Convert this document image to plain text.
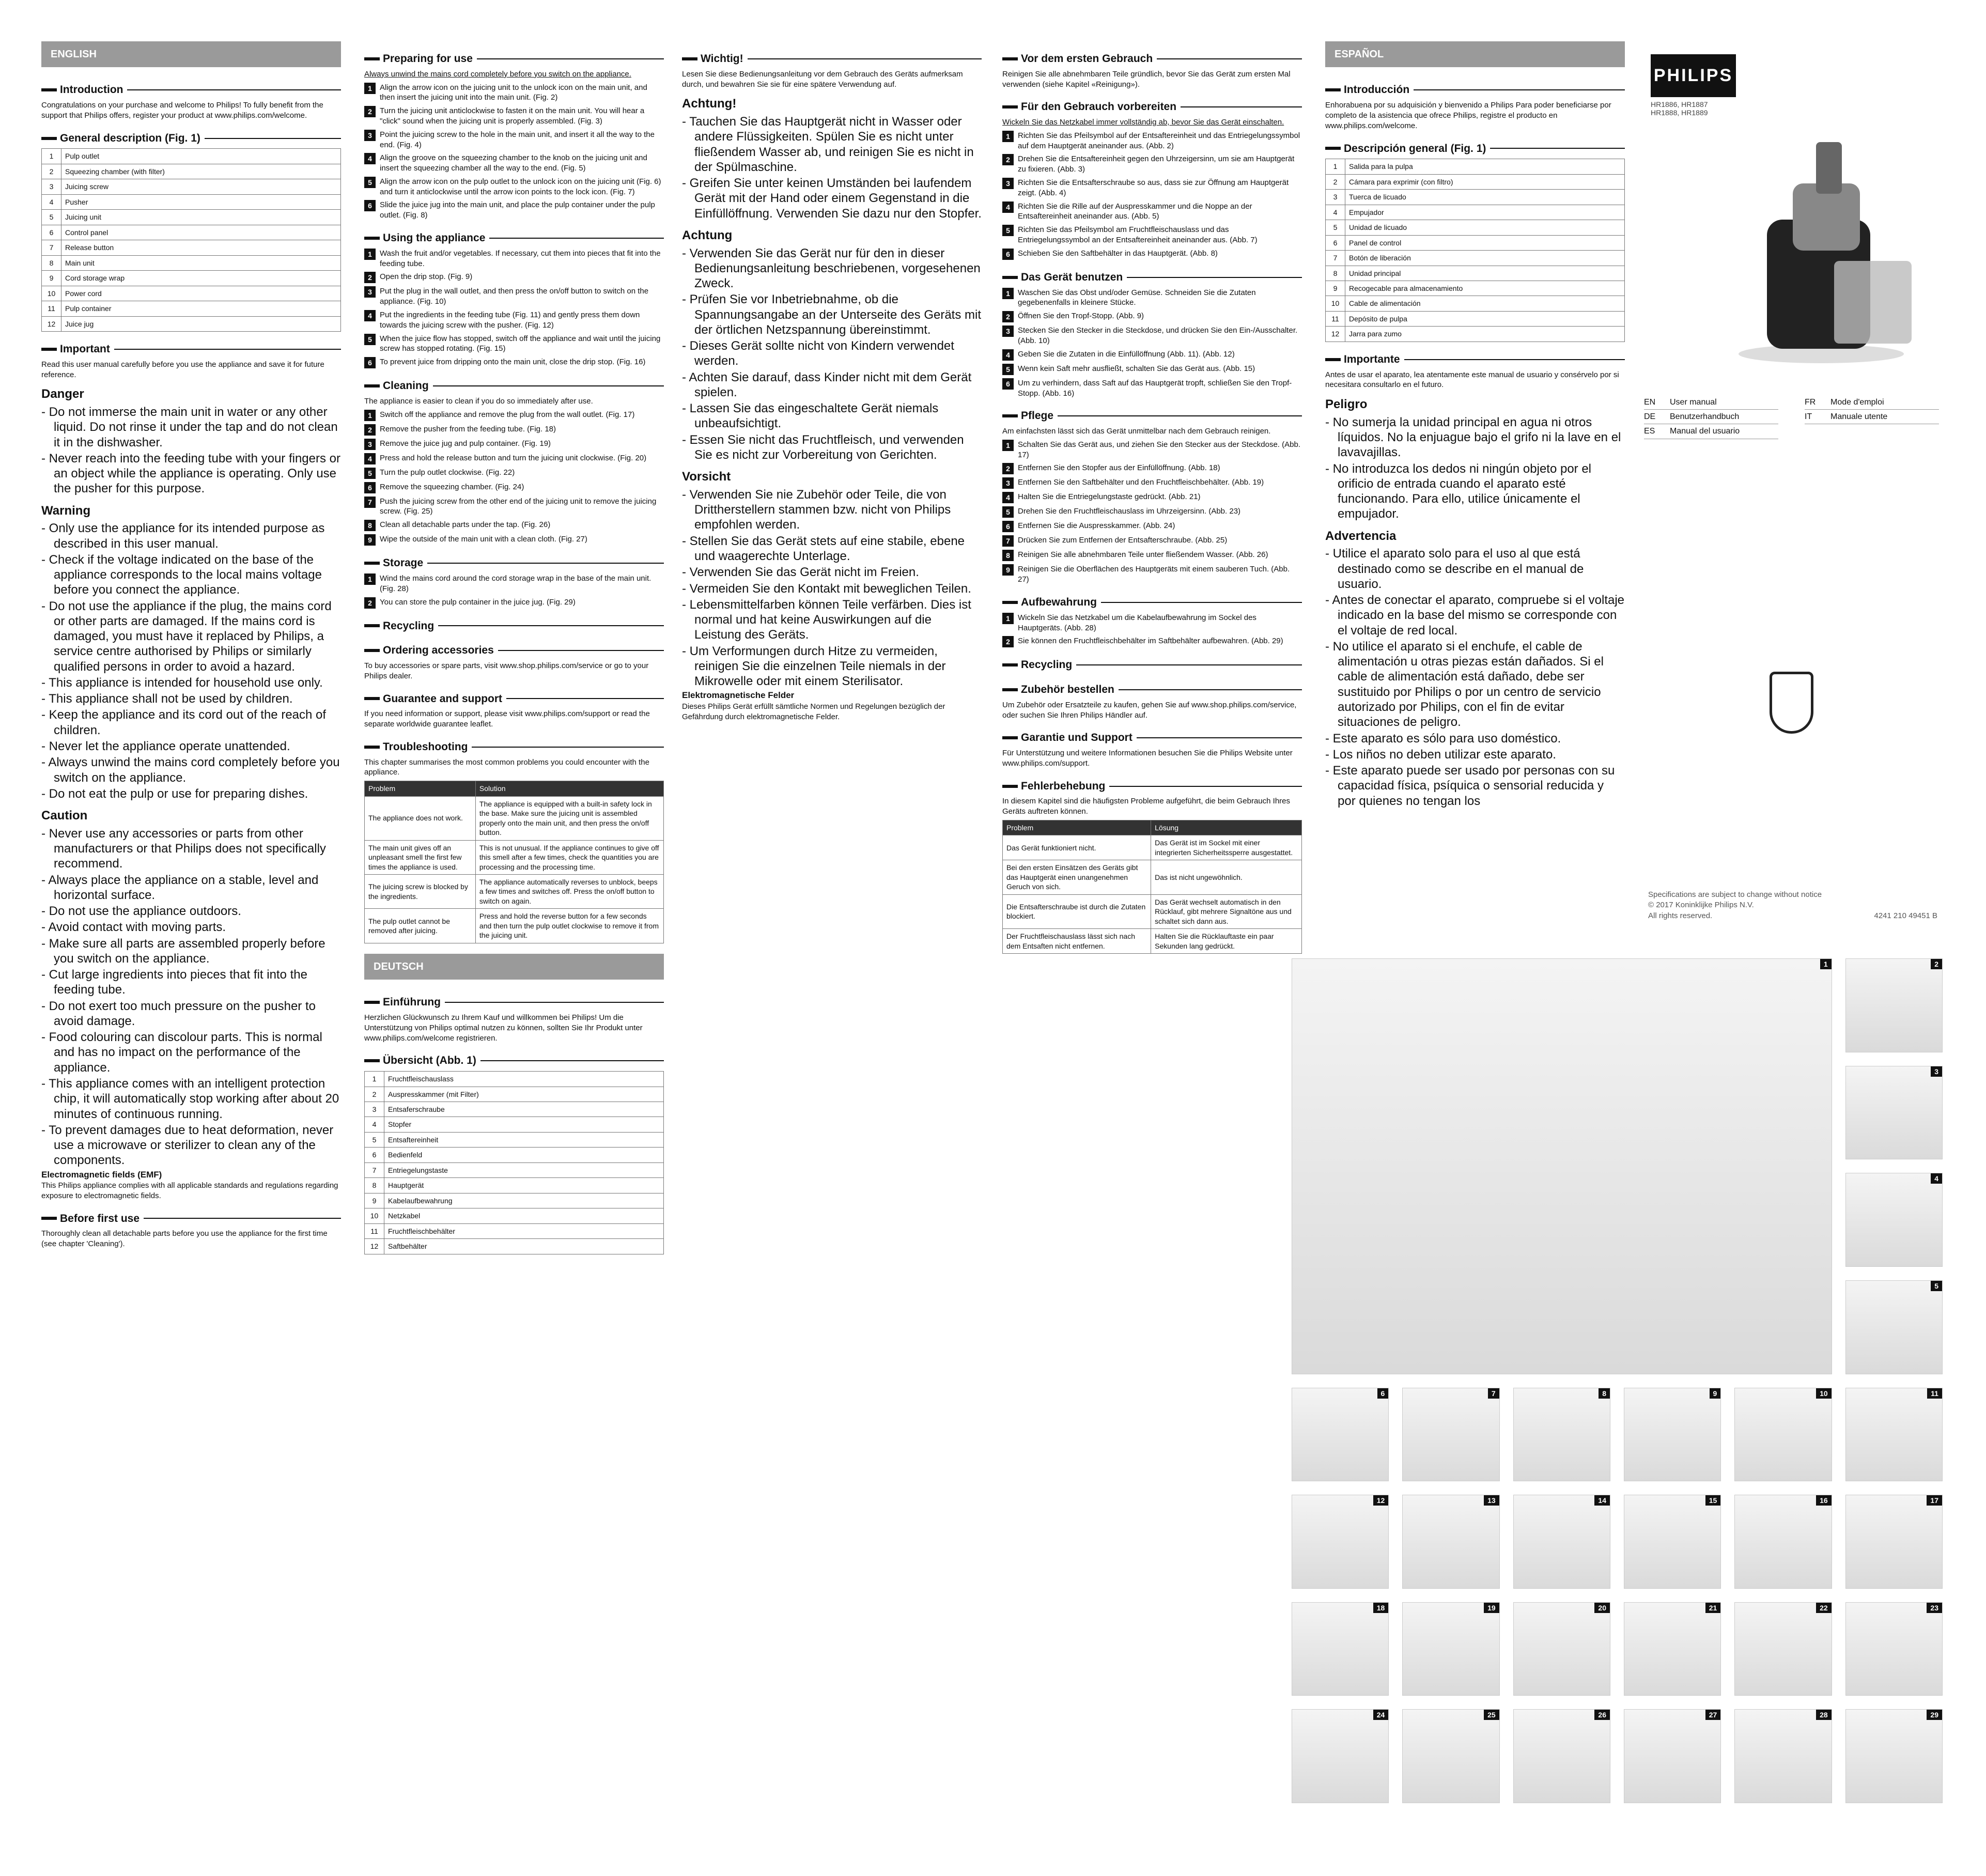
ENGLISH
Introduction
Congratulations on your purchase and welcome to Philips! To fully benefit from the support that Philips offers, register your product at www.philips.com/welcome.
General description (Fig. 1)
1	Pulp outlet
2	Squeezing chamber (with filter)
3	Juicing screw
4	Pusher
5	Juicing unit
6	Control panel
7	Release button
8	Main unit
9	Cord storage wrap
10	Power cord
11	Pulp container
12	Juice jug
Important
Read this user manual carefully before you use the appliance and save it for future reference.
Danger
- Do not immerse the main unit in water or any other liquid. Do not rinse it under the tap and do not clean it in the dishwasher.
- Never reach into the feeding tube with your fingers or an object while the appliance is operating. Only use the pusher for this purpose.
Warning
- Only use the appliance for its intended purpose as described in this user manual.
- Check if the voltage indicated on the base of the appliance corresponds to the local mains voltage before you connect the appliance.
- Do not use the appliance if the plug, the mains cord or other parts are damaged. If the mains cord is damaged, you must have it replaced by Philips, a service centre authorised by Philips or similarly qualified persons in order to avoid a hazard.
- This appliance is intended for household use only.
- This appliance shall not be used by children.
- Keep the appliance and its cord out of the reach of children.
- Never let the appliance operate unattended.
- Always unwind the mains cord completely before you switch on the appliance.
- Do not eat the pulp or use for preparing dishes.
Caution
- Never use any accessories or parts from other manufacturers or that Philips does not specifically recommend.
- Always place the appliance on a stable, level and horizontal surface.
- Do not use the appliance outdoors.
- Avoid contact with moving parts.
- Make sure all parts are assembled properly before you switch on the appliance.
- Cut large ingredients into pieces that fit into the feeding tube.
- Do not exert too much pressure on the pusher to avoid damage.
- Food colouring can discolour parts. This is normal and has no impact on the performance of the appliance.
- This appliance comes with an intelligent protection chip, it will automatically stop working after about 20 minutes of continuous running.
- To prevent damages due to heat deformation, never use a microwave or sterilizer to clean any of the components.
Electromagnetic fields (EMF)
This Philips appliance complies with all applicable standards and regulations regarding exposure to electromagnetic fields.
Before first use
Thoroughly clean all detachable parts before you use the appliance for the first time (see chapter 'Cleaning').
Preparing for use
Always unwind the mains cord completely before you switch on the appliance.
1	Align the arrow icon on the juicing unit to the unlock icon on the main unit, and then insert the juicing unit into the main unit. (Fig. 2)
2	Turn the juicing unit anticlockwise to fasten it on the main unit. You will hear a "click" sound when the juicing unit is properly assembled. (Fig. 3)
3	Point the juicing screw to the hole in the main unit, and insert it all the way to the end. (Fig. 4)
4	Align the groove on the squeezing chamber to the knob on the juicing unit and insert the squeezing chamber all the way to the end. (Fig. 5)
5	Align the arrow icon on the pulp outlet to the unlock icon on the juicing unit (Fig. 6) and turn it anticlockwise until the arrow icon points to the lock icon. (Fig. 7)
6	Slide the juice jug into the main unit, and place the pulp container under the pulp outlet. (Fig. 8)
Using the appliance
1	Wash the fruit and/or vegetables. If necessary, cut them into pieces that fit into the feeding tube.
2	Open the drip stop. (Fig. 9)
3	Put the plug in the wall outlet, and then press the on/off button to switch on the appliance. (Fig. 10)
4	Put the ingredients in the feeding tube (Fig. 11) and gently press them down towards the juicing screw with the pusher. (Fig. 12)
5	When the juice flow has stopped, switch off the appliance and wait until the juicing screw has stopped rotating. (Fig. 15)
6	To prevent juice from dripping onto the main unit, close the drip stop. (Fig. 16)
Cleaning
The appliance is easier to clean if you do so immediately after use.
1	Switch off the appliance and remove the plug from the wall outlet. (Fig. 17)
2	Remove the pusher from the feeding tube. (Fig. 18)
3	Remove the juice jug and pulp container. (Fig. 19)
4	Press and hold the release button and turn the juicing unit clockwise. (Fig. 20)
5	Turn the pulp outlet clockwise. (Fig. 22)
6	Remove the squeezing chamber. (Fig. 24)
7	Push the juicing screw from the other end of the juicing unit to remove the juicing screw. (Fig. 25)
8	Clean all detachable parts under the tap. (Fig. 26)
9	Wipe the outside of the main unit with a clean cloth. (Fig. 27)
Storage
1	Wind the mains cord around the cord storage wrap in the base of the main unit. (Fig. 28)
2	You can store the pulp container in the juice jug. (Fig. 29)
Recycling
Ordering accessories
To buy accessories or spare parts, visit www.shop.philips.com/service or go to your Philips dealer.
Guarantee and support
If you need information or support, please visit www.philips.com/support or read the separate worldwide guarantee leaflet.
Troubleshooting
This chapter summarises the most common problems you could encounter with the appliance.
Problem	Solution
The appliance does not work.	The appliance is equipped with a built-in safety lock in the base. Make sure the juicing unit is assembled properly onto the main unit, and then press the on/off button.
The main unit gives off an unpleasant smell the first few times the appliance is used.	This is not unusual. If the appliance continues to give off this smell after a few times, check the quantities you are processing and the processing time.
The juicing screw is blocked by the ingredients.	The appliance automatically reverses to unblock, beeps a few times and switches off. Press the on/off button to switch on again.
The pulp outlet cannot be removed after juicing.	Press and hold the reverse button for a few seconds and then turn the pulp outlet clockwise to remove it from the juicing unit.
DEUTSCH
Einführung
Herzlichen Glückwunsch zu Ihrem Kauf und willkommen bei Philips! Um die Unterstützung von Philips optimal nutzen zu können, sollten Sie Ihr Produkt unter www.philips.com/welcome registrieren.
Übersicht (Abb. 1)
1	Fruchtfleischauslass
2	Auspresskammer (mit Filter)
3	Entsaferschraube
4	Stopfer
5	Entsaftereinheit
6	Bedienfeld
7	Entriegelungstaste
8	Hauptgerät
9	Kabelaufbewahrung
10	Netzkabel
11	Fruchtfleischbehälter
12	Saftbehälter
Wichtig!
Lesen Sie diese Bedienungsanleitung vor dem Gebrauch des Geräts aufmerksam durch, und bewahren Sie sie für eine spätere Verwendung auf.
Achtung!
- Tauchen Sie das Hauptgerät nicht in Wasser oder andere Flüssigkeiten. Spülen Sie es nicht unter fließendem Wasser ab, und reinigen Sie es nicht in der Spülmaschine.
- Greifen Sie unter keinen Umständen bei laufendem Gerät mit der Hand oder einem Gegenstand in die Einfüllöffnung. Verwenden Sie dazu nur den Stopfer.
Achtung
- Verwenden Sie das Gerät nur für den in dieser Bedienungsanleitung beschriebenen, vorgesehenen Zweck.
- Prüfen Sie vor Inbetriebnahme, ob die Spannungsangabe an der Unterseite des Geräts mit der örtlichen Netzspannung übereinstimmt.
- Dieses Gerät sollte nicht von Kindern verwendet werden.
- Achten Sie darauf, dass Kinder nicht mit dem Gerät spielen.
- Lassen Sie das eingeschaltete Gerät niemals unbeaufsichtigt.
- Essen Sie nicht das Fruchtfleisch, und verwenden Sie es nicht zur Vorbereitung von Gerichten.
Vorsicht
- Verwenden Sie nie Zubehör oder Teile, die von Drittherstellern stammen bzw. nicht von Philips empfohlen werden.
- Stellen Sie das Gerät stets auf eine stabile, ebene und waagerechte Unterlage.
- Verwenden Sie das Gerät nicht im Freien.
- Vermeiden Sie den Kontakt mit beweglichen Teilen.
- Lebensmittelfarben können Teile verfärben. Dies ist normal und hat keine Auswirkungen auf die Leistung des Geräts.
- Um Verformungen durch Hitze zu vermeiden, reinigen Sie die einzelnen Teile niemals in der Mikrowelle oder mit einem Sterilisator.
Elektromagnetische Felder
Dieses Philips Gerät erfüllt sämtliche Normen und Regelungen bezüglich der Gefährdung durch elektromagnetische Felder.
Vor dem ersten Gebrauch
Reinigen Sie alle abnehmbaren Teile gründlich, bevor Sie das Gerät zum ersten Mal verwenden (siehe Kapitel «Reinigung»).
Für den Gebrauch vorbereiten
Wickeln Sie das Netzkabel immer vollständig ab, bevor Sie das Gerät einschalten.
1	Richten Sie das Pfeilsymbol auf der Entsaftereinheit und das Entriegelungssymbol auf dem Hauptgerät aneinander aus. (Abb. 2)
2	Drehen Sie die Entsaftereinheit gegen den Uhrzeigersinn, um sie am Hauptgerät zu fixieren. (Abb. 3)
3	Richten Sie die Entsafterschraube so aus, dass sie zur Öffnung am Hauptgerät zeigt. (Abb. 4)
4	Richten Sie die Rille auf der Auspresskammer und die Noppe an der Entsaftereinheit aneinander aus. (Abb. 5)
5	Richten Sie das Pfeilsymbol am Fruchtfleischauslass und das Entriegelungssymbol an der Entsaftereinheit aneinander aus. (Abb. 7)
6	Schieben Sie den Saftbehälter in das Hauptgerät. (Abb. 8)
Das Gerät benutzen
1	Waschen Sie das Obst und/oder Gemüse. Schneiden Sie die Zutaten gegebenenfalls in kleinere Stücke.
2	Öffnen Sie den Tropf-Stopp. (Abb. 9)
3	Stecken Sie den Stecker in die Steckdose, und drücken Sie den Ein-/Ausschalter. (Abb. 10)
4	Geben Sie die Zutaten in die Einfüllöffnung (Abb. 11). (Abb. 12)
5	Wenn kein Saft mehr ausfließt, schalten Sie das Gerät aus. (Abb. 15)
6	Um zu verhindern, dass Saft auf das Hauptgerät tropft, schließen Sie den Tropf-Stopp. (Abb. 16)
Pflege
Am einfachsten lässt sich das Gerät unmittelbar nach dem Gebrauch reinigen.
1	Schalten Sie das Gerät aus, und ziehen Sie den Stecker aus der Steckdose. (Abb. 17)
2	Entfernen Sie den Stopfer aus der Einfüllöffnung. (Abb. 18)
3	Entfernen Sie den Saftbehälter und den Fruchtfleischbehälter. (Abb. 19)
4	Halten Sie die Entriegelungstaste gedrückt. (Abb. 21)
5	Drehen Sie den Fruchtfleischauslass im Uhrzeigersinn. (Abb. 23)
6	Entfernen Sie die Auspresskammer. (Abb. 24)
7	Drücken Sie zum Entfernen der Entsafterschraube. (Abb. 25)
8	Reinigen Sie alle abnehmbaren Teile unter fließendem Wasser. (Abb. 26)
9	Reinigen Sie die Oberflächen des Hauptgeräts mit einem sauberen Tuch. (Abb. 27)
Aufbewahrung
1	Wickeln Sie das Netzkabel um die Kabelaufbewahrung im Sockel des Hauptgeräts. (Abb. 28)
2	Sie können den Fruchtfleischbehälter im Saftbehälter aufbewahren. (Abb. 29)
Recycling
Zubehör bestellen
Um Zubehör oder Ersatzteile zu kaufen, gehen Sie auf www.shop.philips.com/service, oder suchen Sie Ihren Philips Händler auf.
Garantie und Support
Für Unterstützung und weitere Informationen besuchen Sie die Philips Website unter www.philips.com/support.
Fehlerbehebung
In diesem Kapitel sind die häufigsten Probleme aufgeführt, die beim Gebrauch Ihres Geräts auftreten können.
Problem	Lösung
Das Gerät funktioniert nicht.	Das Gerät ist im Sockel mit einer integrierten Sicherheitssperre ausgestattet.
Bei den ersten Einsätzen des Geräts gibt das Hauptgerät einen unangenehmen Geruch von sich.	Das ist nicht ungewöhnlich.
Die Entsafterschraube ist durch die Zutaten blockiert.	Das Gerät wechselt automatisch in den Rücklauf, gibt mehrere Signaltöne aus und schaltet sich dann aus.
Der Fruchtfleischauslass lässt sich nach dem Entsaften nicht entfernen.	Halten Sie die Rücklauftaste ein paar Sekunden lang gedrückt.
ESPAÑOL
Introducción
Enhorabuena por su adquisición y bienvenido a Philips Para poder beneficiarse por completo de la asistencia que ofrece Philips, registre el producto en www.philips.com/welcome.
Descripción general (Fig. 1)
1	Salida para la pulpa
2	Cámara para exprimir (con filtro)
3	Tuerca de licuado
4	Empujador
5	Unidad de licuado
6	Panel de control
7	Botón de liberación
8	Unidad principal
9	Recogecable para almacenamiento
10	Cable de alimentación
11	Depósito de pulpa
12	Jarra para zumo
Importante
Antes de usar el aparato, lea atentamente este manual de usuario y consérvelo por si necesitara consultarlo en el futuro.
Peligro
- No sumerja la unidad principal en agua ni otros líquidos. No la enjuague bajo el grifo ni la lave en el lavavajillas.
- No introduzca los dedos ni ningún objeto por el orificio de entrada cuando el aparato esté funcionando. Para ello, utilice únicamente el empujador.
Advertencia
- Utilice el aparato solo para el uso al que está destinado como se describe en el manual de usuario.
- Antes de conectar el aparato, compruebe si el voltaje indicado en la base del mismo se corresponde con el voltaje de red local.
- No utilice el aparato si el enchufe, el cable de alimentación u otras piezas están dañados. Si el cable de alimentación está dañado, debe ser sustituido por Philips o por un centro de servicio autorizado por Philips, con el fin de evitar situaciones de peligro.
- Este aparato es sólo para uso doméstico.
- Los niños no deben utilizar este aparato.
- Este aparato puede ser usado por personas con su capacidad física, psíquica o sensorial reducida y por quienes no tengan los
PHILIPS
HR1886, HR1887
HR1888, HR1889
EN	User manual
DE	Benutzerhandbuch
ES	Manual del usuario
FR	Mode d'emploi
IT	Manuale utente
Specifications are subject to change without notice
© 2017 Koninklijke Philips N.V.
All rights reserved.	4241 210 49451 B
1	2
3
4
5
6	7	8	9	10	11
12	13	14	15	16	17
18	19	20	21	22	23
24	25	26	27	28	29
